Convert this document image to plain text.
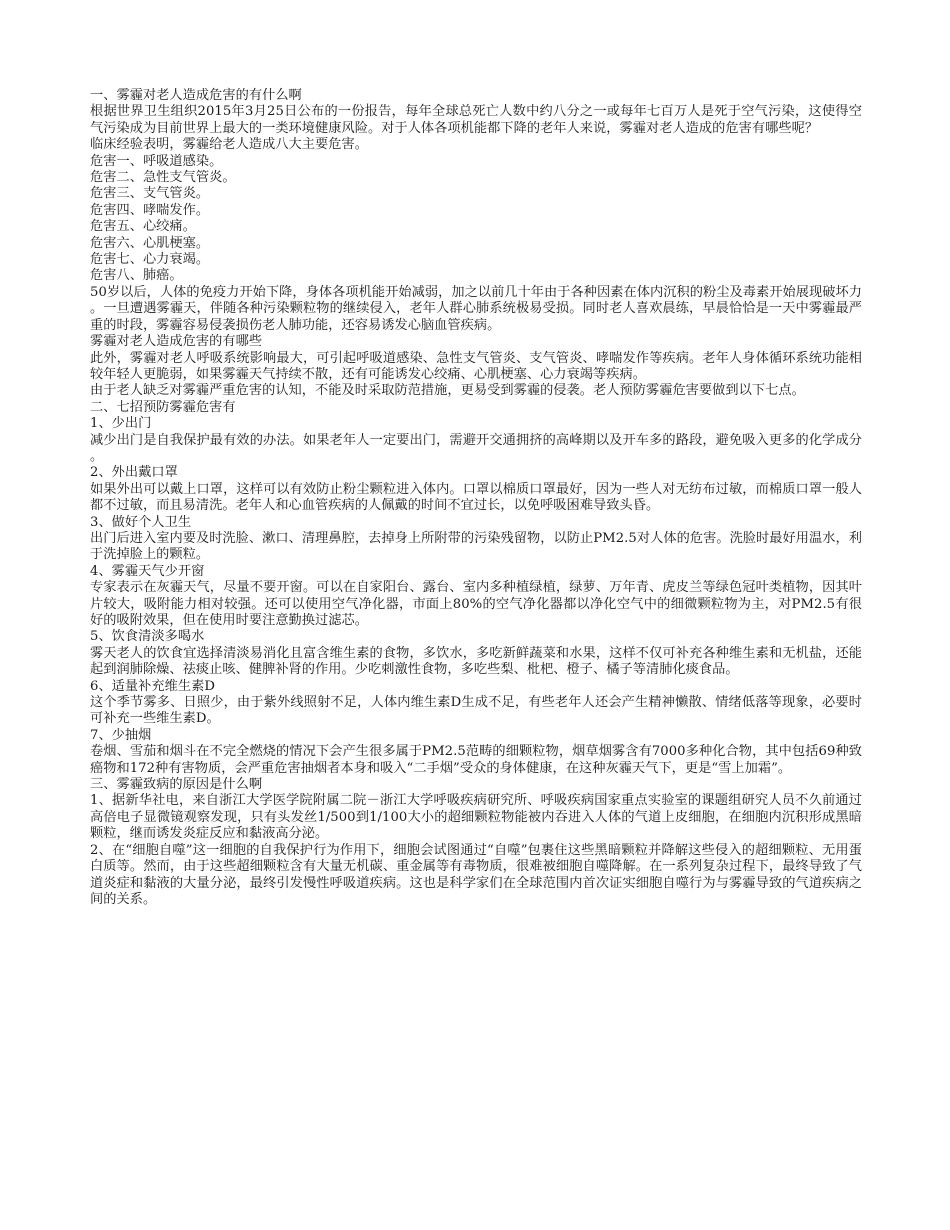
一、雾霾对老人造成危害的有什么啊

根据世界卫生组织2015年3月25日公布的一份报告，每年全球总死亡人数中约八分之一或每年七百万人是死于空气污染，这使得空气污染成为目前世界上最大的一类环境健康风险。对于人体各项机能都下降的老年人来说，雾霾对老人造成的危害有哪些呢？

临床经验表明，雾霾给老人造成八大主要危害。

危害一、呼吸道感染。

危害二、急性支气管炎。

危害三、支气管炎。

危害四、哮喘发作。

危害五、心绞痛。

危害六、心肌梗塞。

危害七、心力衰竭。

危害八、肺癌。

50岁以后，人体的免疫力开始下降，身体各项机能开始减弱，加之以前几十年由于各种因素在体内沉积的粉尘及毒素开始展现破坏力。一旦遭遇雾霾天，伴随各种污染颗粒物的继续侵入，老年人群心肺系统极易受损。同时老人喜欢晨练，早晨恰恰是一天中雾霾最严重的时段，雾霾容易侵袭损伤老人肺功能，还容易诱发心脑血管疾病。

雾霾对老人造成危害的有哪些

此外，雾霾对老人呼吸系统影响最大，可引起呼吸道感染、急性支气管炎、支气管炎、哮喘发作等疾病。老年人身体循环系统功能相较年轻人更脆弱，如果雾霾天气持续不散，还有可能诱发心绞痛、心肌梗塞、心力衰竭等疾病。

由于老人缺乏对雾霾严重危害的认知，不能及时采取防范措施，更易受到雾霾的侵袭。老人预防雾霾危害要做到以下七点。

二、七招预防雾霾危害有

1、少出门

减少出门是自我保护最有效的办法。如果老年人一定要出门，需避开交通拥挤的高峰期以及开车多的路段，避免吸入更多的化学成分。

2、外出戴口罩

如果外出可以戴上口罩，这样可以有效防止粉尘颗粒进入体内。口罩以棉质口罩最好，因为一些人对无纺布过敏，而棉质口罩一般人都不过敏，而且易清洗。老年人和心血管疾病的人佩戴的时间不宜过长，以免呼吸困难导致头昏。

3、做好个人卫生

出门后进入室内要及时洗脸、漱口、清理鼻腔，去掉身上所附带的污染残留物，以防止PM2.5对人体的危害。洗脸时最好用温水，利于洗掉脸上的颗粒。

4、雾霾天气少开窗

专家表示在灰霾天气，尽量不要开窗。可以在自家阳台、露台、室内多种植绿植，绿萝、万年青、虎皮兰等绿色冠叶类植物，因其叶片较大，吸附能力相对较强。还可以使用空气净化器，市面上80%的空气净化器都以净化空气中的细微颗粒物为主，对PM2.5有很好的吸附效果，但在使用时要注意勤换过滤芯。

5、饮食清淡多喝水

雾天老人的饮食宜选择清淡易消化且富含维生素的食物，多饮水，多吃新鲜蔬菜和水果，这样不仅可补充各种维生素和无机盐，还能起到润肺除燥、祛痰止咳、健脾补肾的作用。少吃刺激性食物，多吃些梨、枇杷、橙子、橘子等清肺化痰食品。

6、适量补充维生素D

这个季节雾多、日照少，由于紫外线照射不足，人体内维生素D生成不足，有些老年人还会产生精神懒散、情绪低落等现象，必要时可补充一些维生素D。

7、少抽烟

卷烟、雪茄和烟斗在不完全燃烧的情况下会产生很多属于PM2.5范畴的细颗粒物，烟草烟雾含有7000多种化合物，其中包括69种致癌物和172种有害物质，会严重危害抽烟者本身和吸入“二手烟”受众的身体健康，在这种灰霾天气下，更是“雪上加霜”。

三、雾霾致病的原因是什么啊

1、据新华社电，来自浙江大学医学院附属二院－浙江大学呼吸疾病研究所、呼吸疾病国家重点实验室的课题组研究人员不久前通过高倍电子显微镜观察发现，只有头发丝1/500到1/100大小的超细颗粒物能被内吞进入人体的气道上皮细胞，在细胞内沉积形成黑暗颗粒，继而诱发炎症反应和黏液高分泌。

2、在“细胞自噬”这一细胞的自我保护行为作用下，细胞会试图通过“自噬”包裹住这些黑暗颗粒并降解这些侵入的超细颗粒、无用蛋白质等。然而，由于这些超细颗粒含有大量无机碳、重金属等有毒物质，很难被细胞自噬降解。在一系列复杂过程下，最终导致了气道炎症和黏液的大量分泌，最终引发慢性呼吸道疾病。这也是科学家们在全球范围内首次证实细胞自噬行为与雾霾导致的气道疾病之间的关系。
